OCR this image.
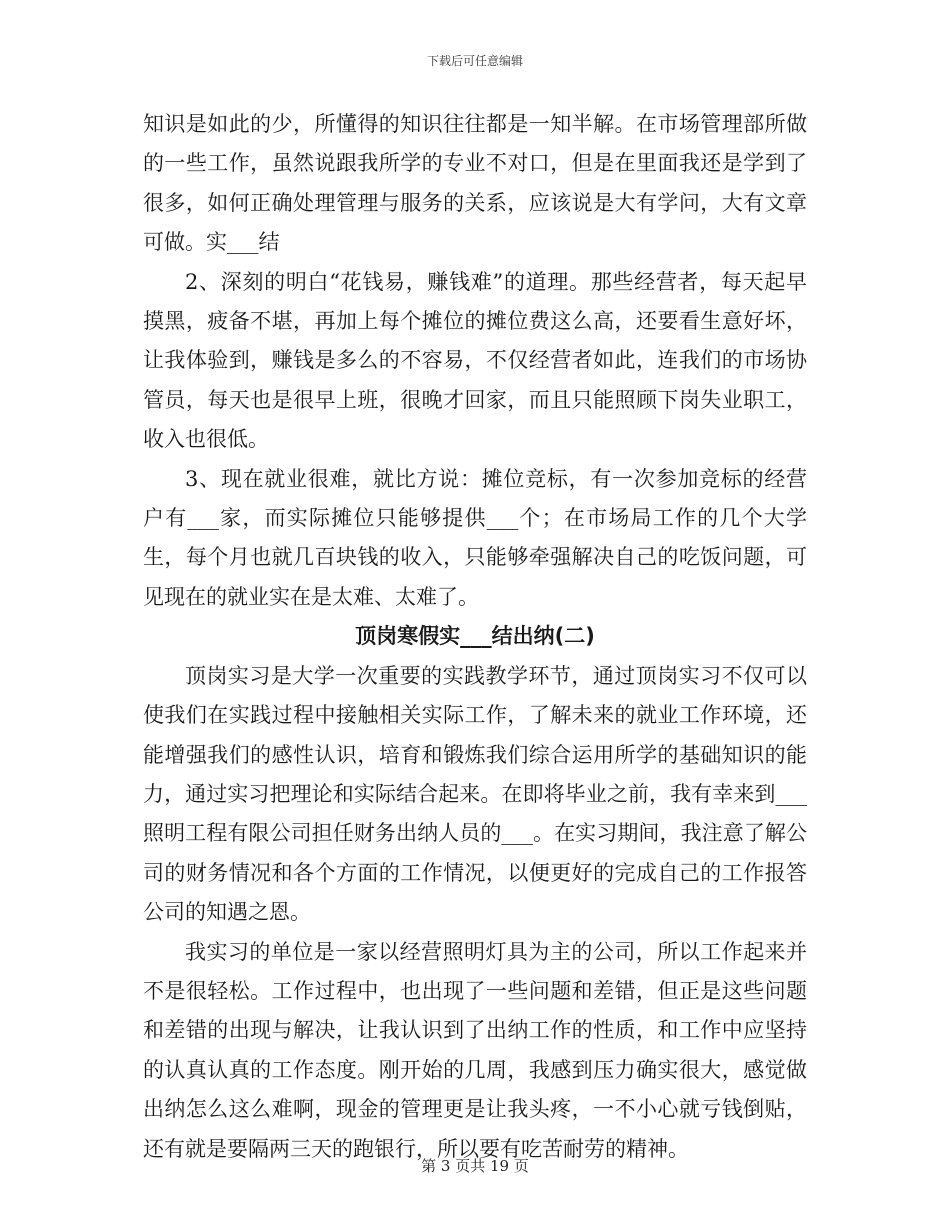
下载后可任意编辑

知识是如此的少，所懂得的知识往往都是一知半解。在市场管理部所做的一些工作，虽然说跟我所学的专业不对口，但是在里面我还是学到了很多，如何正确处理管理与服务的关系，应该说是大有学问，大有文章可做。实___结

2、深刻的明白“花钱易，赚钱难”的道理。那些经营者，每天起早摸黑，疲备不堪，再加上每个摊位的摊位费这么高，还要看生意好坏，让我体验到，赚钱是多么的不容易，不仅经营者如此，连我们的市场协管员，每天也是很早上班，很晚才回家，而且只能照顾下岗失业职工，收入也很低。

3、现在就业很难，就比方说：摊位竞标，有一次参加竞标的经营户有___家，而实际摊位只能够提供___个；在市场局工作的几个大学生，每个月也就几百块钱的收入，只能够牵强解决自己的吃饭问题，可见现在的就业实在是太难、太难了。

顶岗寒假实___结出纳(二)

顶岗实习是大学一次重要的实践教学环节，通过顶岗实习不仅可以使我们在实践过程中接触相关实际工作，了解未来的就业工作环境，还能增强我们的感性认识，培育和锻炼我们综合运用所学的基础知识的能力，通过实习把理论和实际结合起来。在即将毕业之前，我有幸来到___照明工程有限公司担任财务出纳人员的___。在实习期间，我注意了解公司的财务情况和各个方面的工作情况，以便更好的完成自己的工作报答公司的知遇之恩。

我实习的单位是一家以经营照明灯具为主的公司，所以工作起来并不是很轻松。工作过程中，也出现了一些问题和差错，但正是这些问题和差错的出现与解决，让我认识到了出纳工作的性质，和工作中应坚持的认真认真的工作态度。刚开始的几周，我感到压力确实很大，感觉做出纳怎么这么难啊，现金的管理更是让我头疼，一不小心就亏钱倒贴，还有就是要隔两三天的跑银行，所以要有吃苦耐劳的精神。

第 3 页共 19 页
